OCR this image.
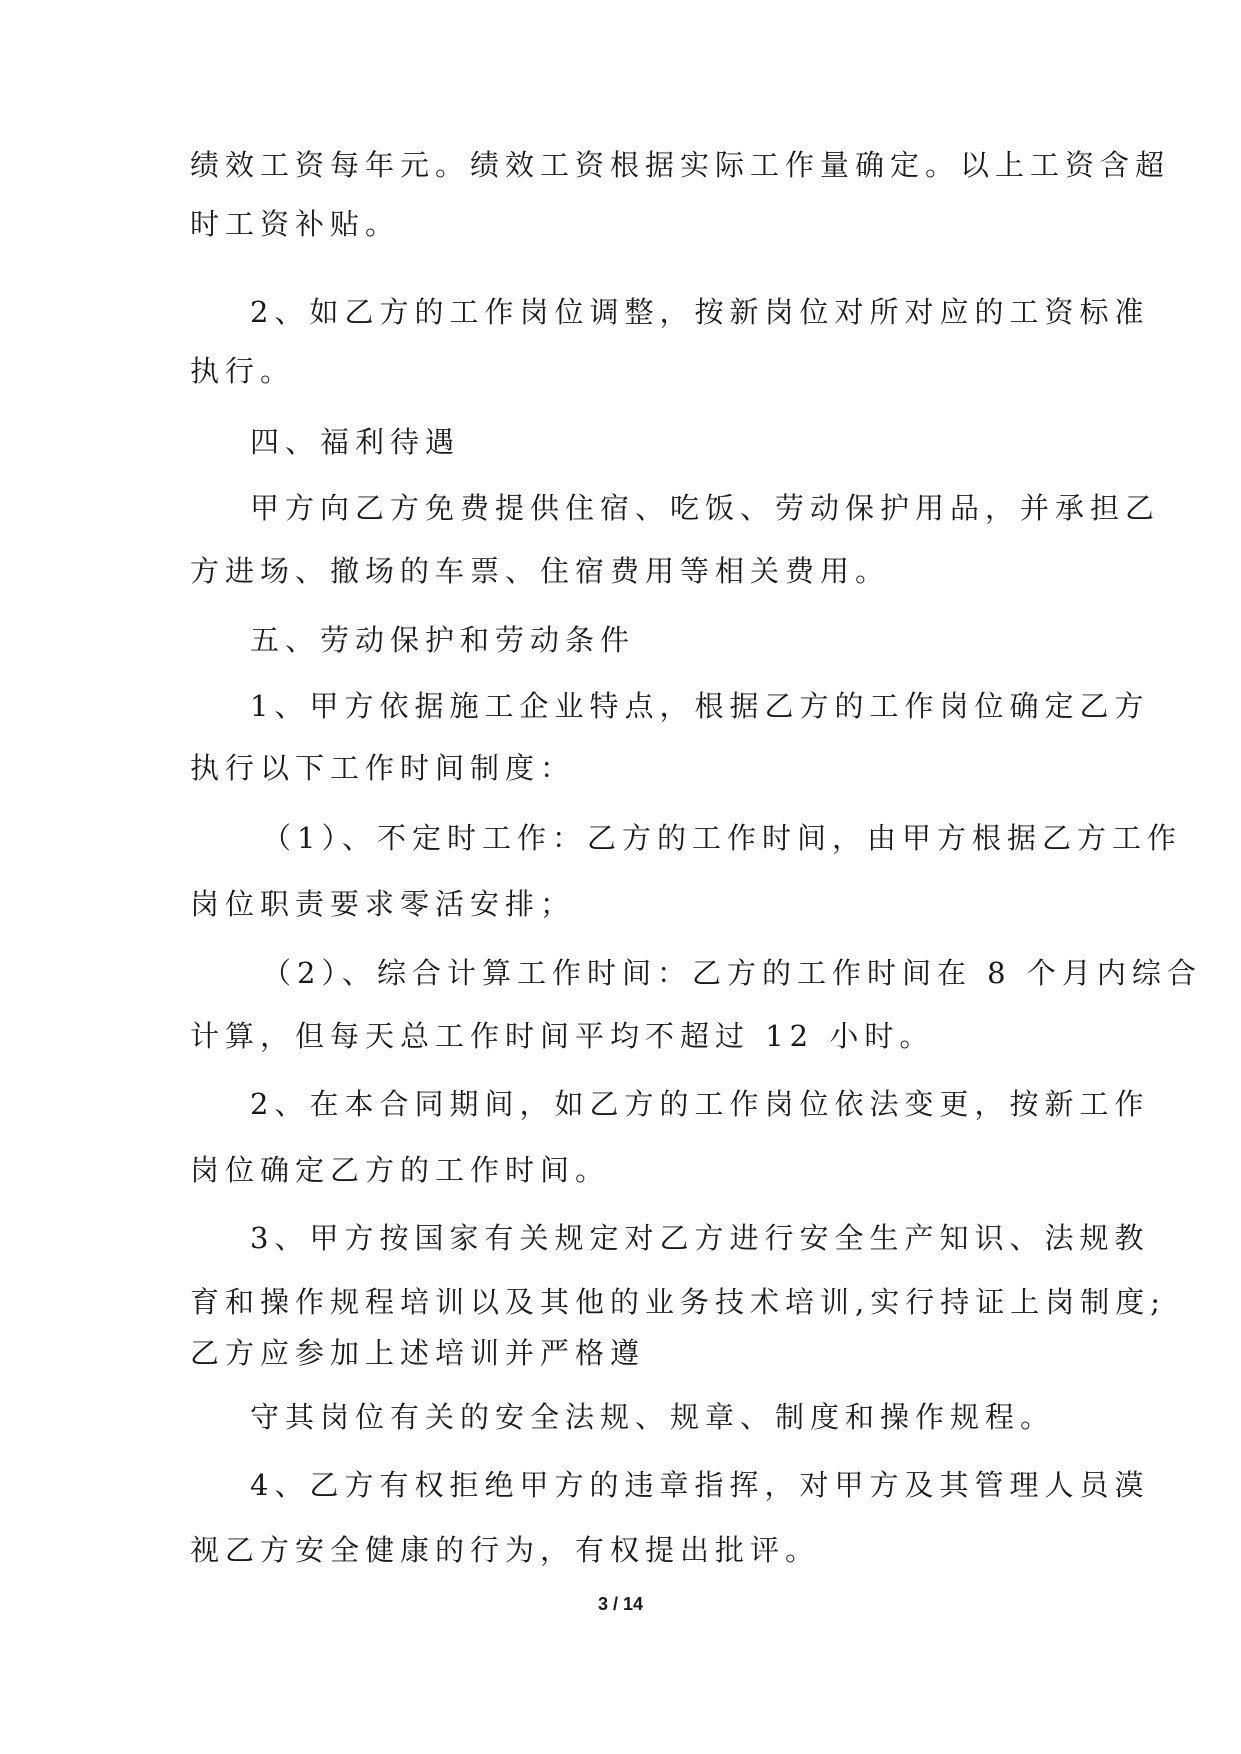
绩效工资每年元。绩效工资根据实际工作量确定。以上工资含超
时工资补贴。
2、如乙方的工作岗位调整，按新岗位对所对应的工资标准
执行。
四、福利待遇
甲方向乙方免费提供住宿、吃饭、劳动保护用品，并承担乙
方进场、撤场的车票、住宿费用等相关费用。
五、劳动保护和劳动条件
1、甲方依据施工企业特点，根据乙方的工作岗位确定乙方
执行以下工作时间制度：
（1）、不定时工作：乙方的工作时间，由甲方根据乙方工作
岗位职责要求零活安排；
（2）、综合计算工作时间：乙方的工作时间在 8 个月内综合
计算，但每天总工作时间平均不超过 12 小时。
2、在本合同期间，如乙方的工作岗位依法变更，按新工作
岗位确定乙方的工作时间。
3、甲方按国家有关规定对乙方进行安全生产知识、法规教
育和操作规程培训以及其他的业务技术培训,实行持证上岗制度;
乙方应参加上述培训并严格遵
守其岗位有关的安全法规、规章、制度和操作规程。
4、乙方有权拒绝甲方的违章指挥，对甲方及其管理人员漠
视乙方安全健康的行为，有权提出批评。
3 / 14
